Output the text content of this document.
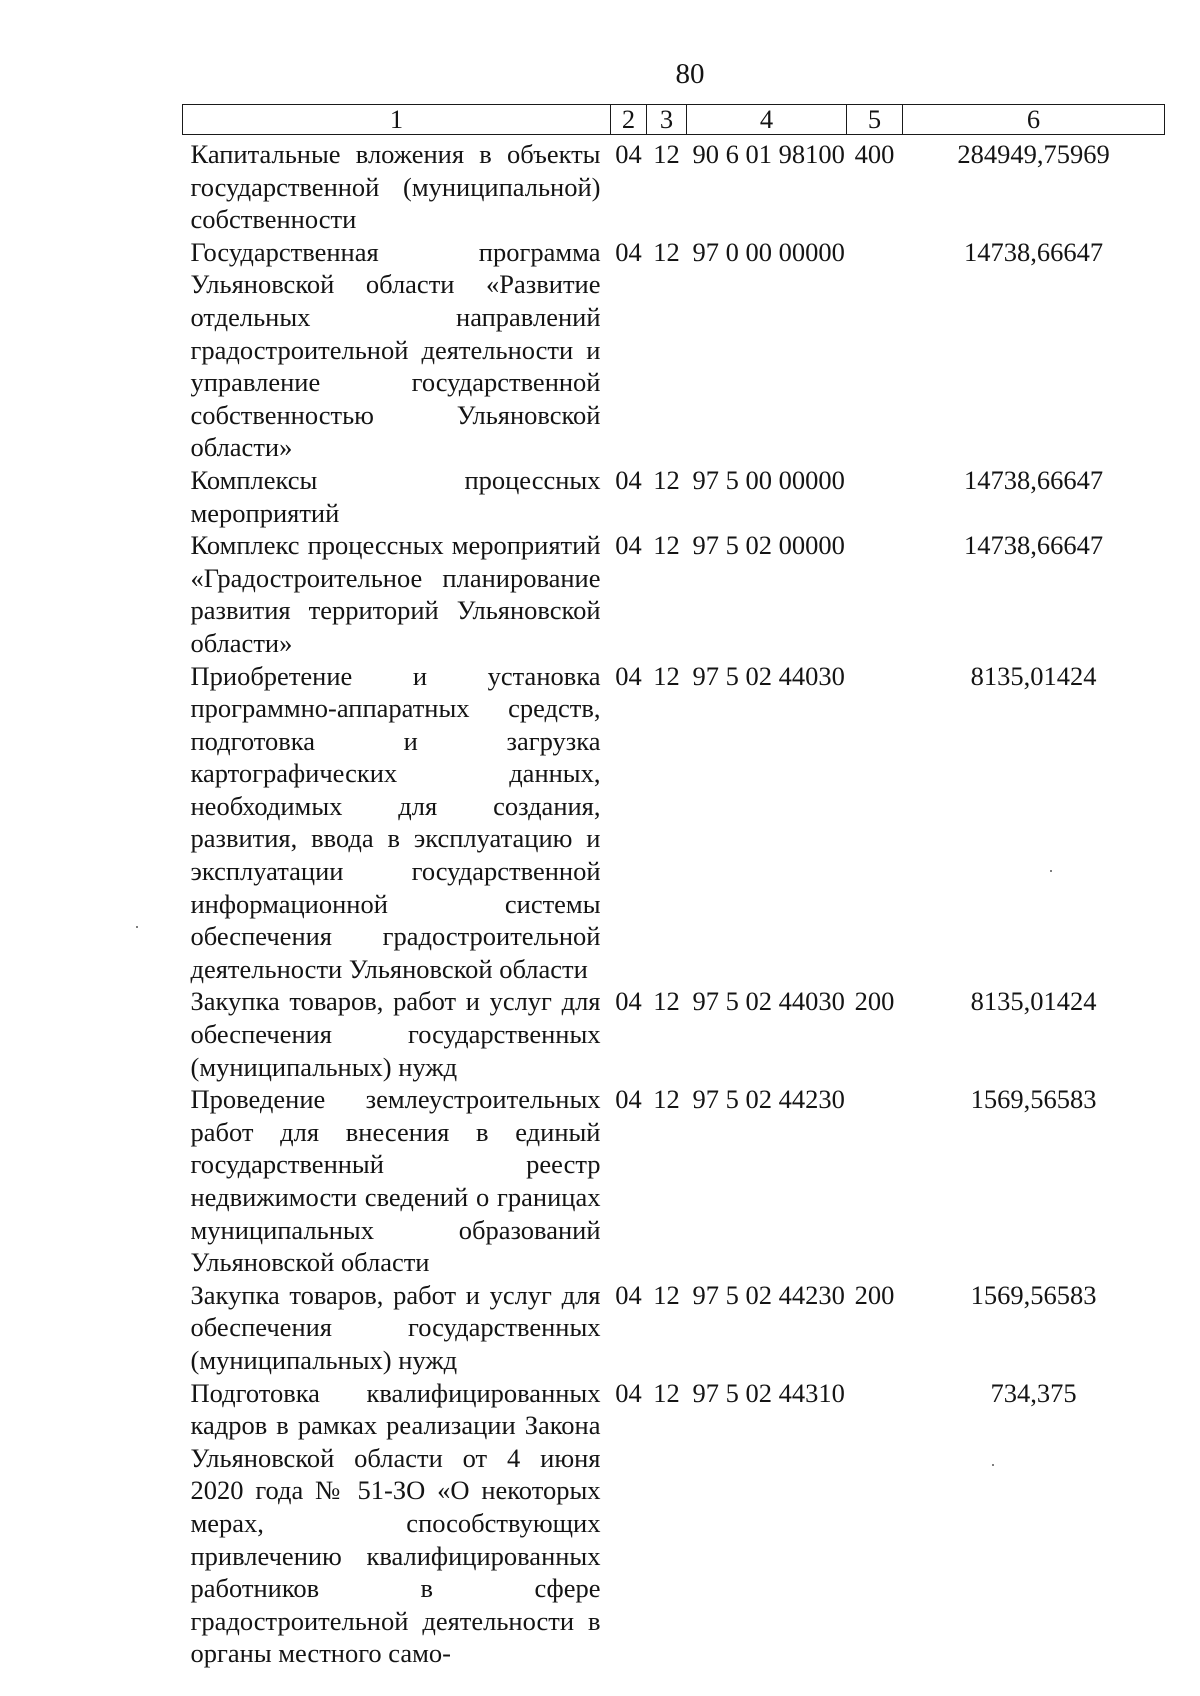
80
1	2	3	4	5	6
Капитальные вложения в объекты государственной (муниципальной) собственности	04	12	90 6 01 98100	400	284949,75969
Государственная программа Ульяновской области «Развитие отдельных направлений градостроительной деятельности и управление государственной собственностью Ульяновской области»	04	12	97 0 00 00000		14738,66647
Комплексы процессных мероприятий	04	12	97 5 00 00000		14738,66647
Комплекс процессных мероприятий «Градостроительное планирование развития территорий Ульяновской области»	04	12	97 5 02 00000		14738,66647
Приобретение и установка программно-аппаратных средств, подготовка и загрузка картографических данных, необходимых для создания, развития, ввода в эксплуатацию и эксплуатации государственной информационной системы обеспечения градостроительной деятельности Ульяновской области	04	12	97 5 02 44030		8135,01424
Закупка товаров, работ и услуг для обеспечения государственных (муниципальных) нужд	04	12	97 5 02 44030	200	8135,01424
Проведение землеустроительных работ для внесения в единый государственный реестр недвижимости сведений о границах муниципальных образований Ульяновской области	04	12	97 5 02 44230		1569,56583
Закупка товаров, работ и услуг для обеспечения государственных (муниципальных) нужд	04	12	97 5 02 44230	200	1569,56583
Подготовка квалифицированных кадров в рамках реализации Закона Ульяновской области от 4 июня 2020 года № 51-ЗО «О некоторых мерах, способствующих привлечению квалифицированных работников в сфере градостроительной деятельности в органы местного само-	04	12	97 5 02 44310		734,375
